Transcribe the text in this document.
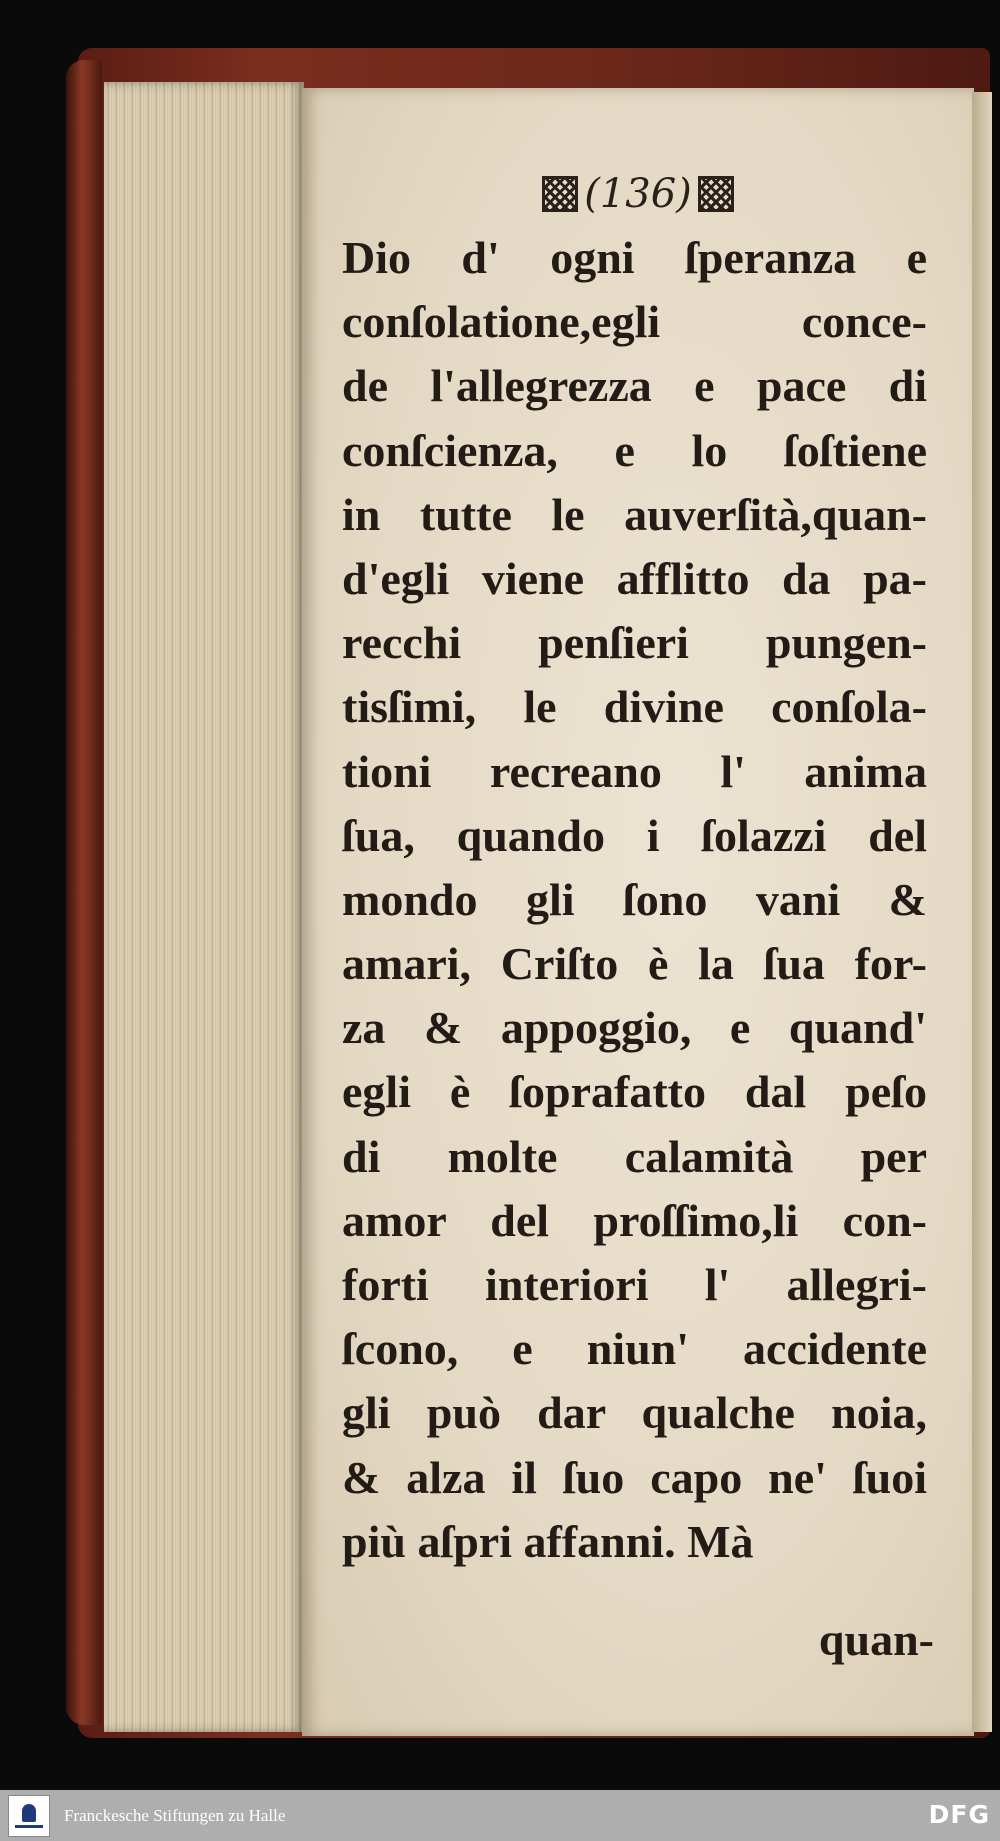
(136)
Dio d' ogni ſperanza e
conſolatione,egli conce-
de l'allegrezza e pace di
conſcienza, e lo ſoſtiene
in tutte le auverſità,quan-
d'egli viene afflitto da pa-
recchi penſieri pungen-
tisſimi, le divine conſola-
tioni recreano l' anima
ſua, quando i ſolazzi del
mondo gli ſono vani &
amari, Criſto è la ſua for-
za & appoggio, e quand'
egli è ſoprafatto dal peſo
di molte calamità per
amor del proſſimo,li con-
forti interiori l' allegri-
ſcono, e niun' accidente
gli può dar qualche noia,
& alza il ſuo capo ne' ſuoi
più aſpri affanni. Mà
quan-
Franckesche Stiftungen zu Halle	DFG
